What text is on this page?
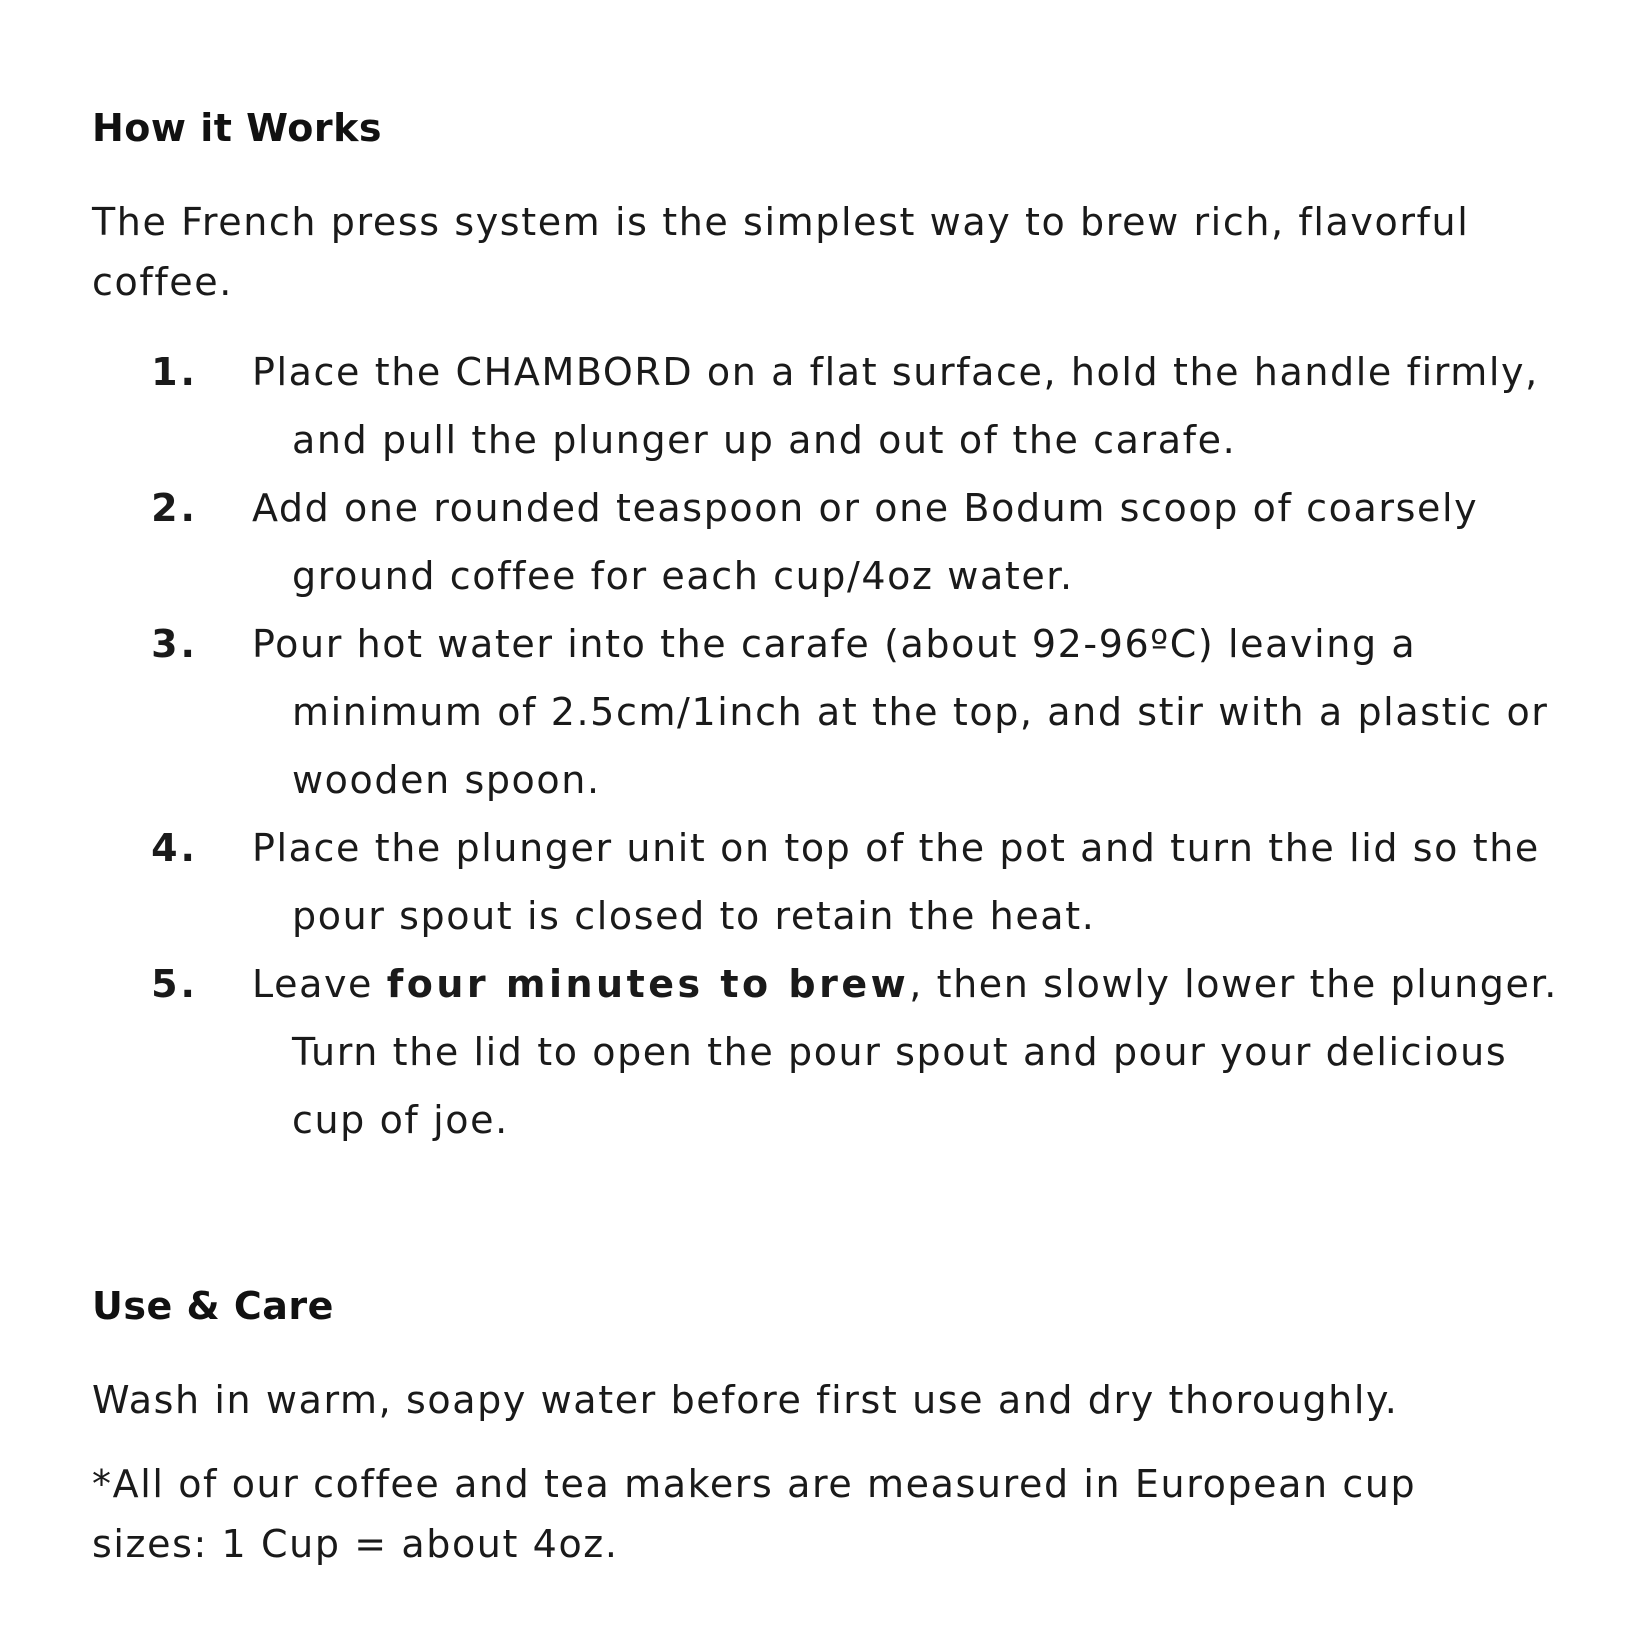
How it Works
The French press system is the simplest way to brew rich, flavorful
coffee.
1.	Place the CHAMBORD on a flat surface, hold the handle firmly,
and pull the plunger up and out of the carafe.
2.	Add one rounded teaspoon or one Bodum scoop of coarsely
ground coffee for each cup/4oz water.
3.	Pour hot water into the carafe (about 92-96ºC) leaving a
minimum of 2.5cm/1inch at the top, and stir with a plastic or
wooden spoon.
4.	Place the plunger unit on top of the pot and turn the lid so the
pour spout is closed to retain the heat.
5.	Leave four minutes to brew, then slowly lower the plunger.
Turn the lid to open the pour spout and pour your delicious
cup of joe.
Use & Care
Wash in warm, soapy water before first use and dry thoroughly.
*All of our coffee and tea makers are measured in European cup
sizes: 1 Cup = about 4oz.
